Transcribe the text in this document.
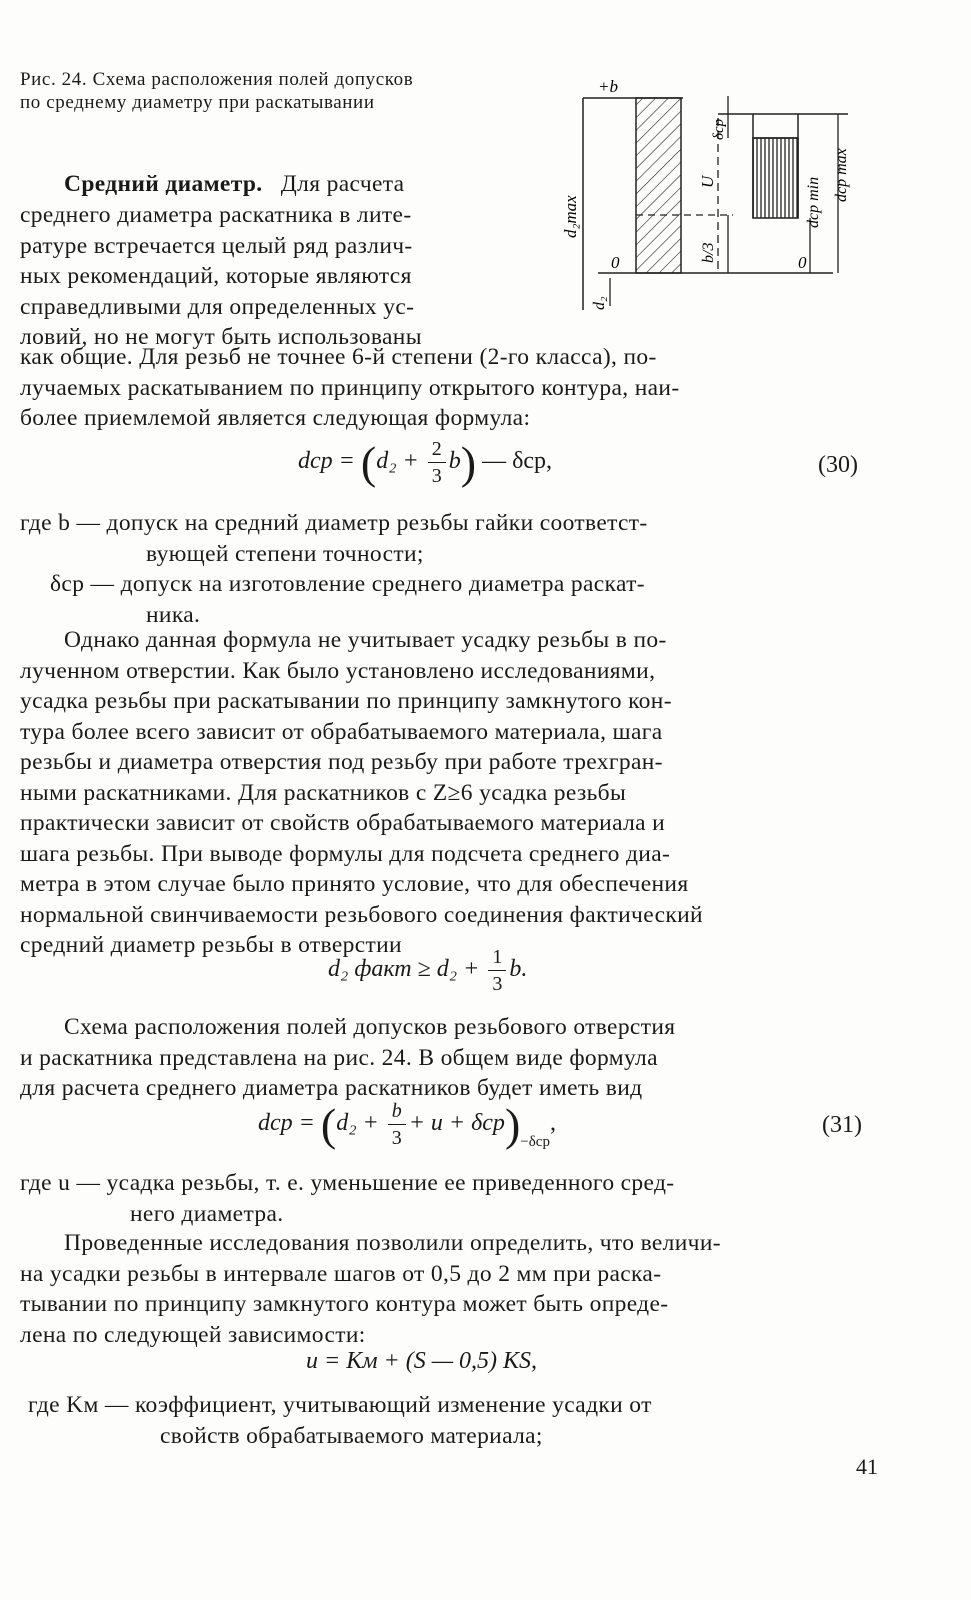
Рис. 24. Схема расположения полей допусков
по среднему диаметру при раскатывании
+b
d₂max
d₂
0	0
b/3
U
δcp
dcp min
dcp max
Средний диаметр. Для расчета
среднего диаметра раскатника в лите-
ратуре встречается целый ряд различ-
ных рекомендаций, которые являются
справедливыми для определенных ус-
ловий, но не могут быть использованы
как общие. Для резьб не точнее 6-й степени (2-го класса), по-
лучаемых раскатыванием по принципу открытого контура, наи-
более приемлемой является следующая формула:
dср = $(d_2 + \frac{2}{3} b)$ — δср,	(30)
где b — допуск на средний диаметр резьбы гайки соответст-
вующей степени точности;
δср — допуск на изготовление среднего диаметра раскат-
ника.
Однако данная формула не учитывает усадку резьбы в по-
лученном отверстии. Как было установлено исследованиями,
усадка резьбы при раскатывании по принципу замкнутого кон-
тура более всего зависит от обрабатываемого материала, шага
резьбы и диаметра отверстия под резьбу при работе трехгран-
ными раскатниками. Для раскатников с Z≥6 усадка резьбы
практически зависит от свойств обрабатываемого материала и
шага резьбы. При выводе формулы для подсчета среднего диа-
метра в этом случае было принято условие, что для обеспечения
нормальной свинчиваемости резьбового соединения фактический
средний диаметр резьбы в отверстии
d₂ факт ≥ $d_2 + \frac{1}{3} b$.
Схема расположения полей допусков резьбового отверстия
и раскатника представлена на рис. 24. В общем виде формула
для расчета среднего диаметра раскатников будет иметь вид
dср = $(d_2 + \frac{b}{3} + u + \delta ср)_{-\delta ср}$,	(31)
где u — усадка резьбы, т. е. уменьшение ее приведенного сред-
него диаметра.
Проведенные исследования позволили определить, что величи-
на усадки резьбы в интервале шагов от 0,5 до 2 мм при раска-
тывании по принципу замкнутого контура может быть опреде-
лена по следующей зависимости:
u = Kм + (S — 0,5) KS,
где Kм — коэффициент, учитывающий изменение усадки от
свойств обрабатываемого материала;
41
